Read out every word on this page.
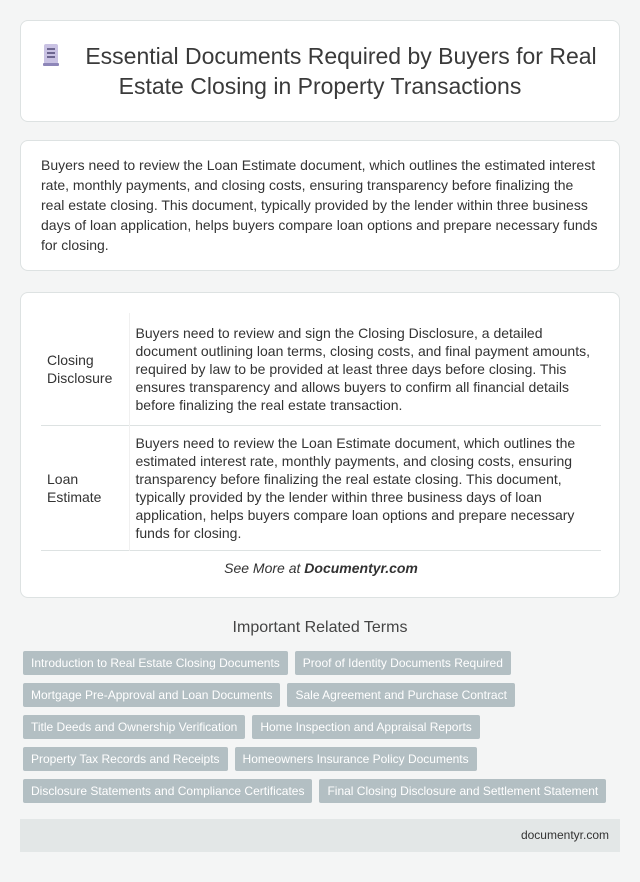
Essential Documents Required by Buyers for Real Estate Closing in Property Transactions

Buyers need to review the Loan Estimate document, which outlines the estimated interest rate, monthly payments, and closing costs, ensuring transparency before finalizing the real estate closing. This document, typically provided by the lender within three business days of loan application, helps buyers compare loan options and prepare necessary funds for closing.

Closing Disclosure	Buyers need to review and sign the Closing Disclosure, a detailed document outlining loan terms, closing costs, and final payment amounts, required by law to be provided at least three days before closing. This ensures transparency and allows buyers to confirm all financial details before finalizing the real estate transaction.
Loan Estimate	Buyers need to review the Loan Estimate document, which outlines the estimated interest rate, monthly payments, and closing costs, ensuring transparency before finalizing the real estate closing. This document, typically provided by the lender within three business days of loan application, helps buyers compare loan options and prepare necessary funds for closing.
See More at Documentyr.com
Important Related Terms
Introduction to Real Estate Closing Documents	Proof of Identity Documents Required
Mortgage Pre-Approval and Loan Documents	Sale Agreement and Purchase Contract
Title Deeds and Ownership Verification	Home Inspection and Appraisal Reports
Property Tax Records and Receipts	Homeowners Insurance Policy Documents
Disclosure Statements and Compliance Certificates	Final Closing Disclosure and Settlement Statement
documentyr.com
